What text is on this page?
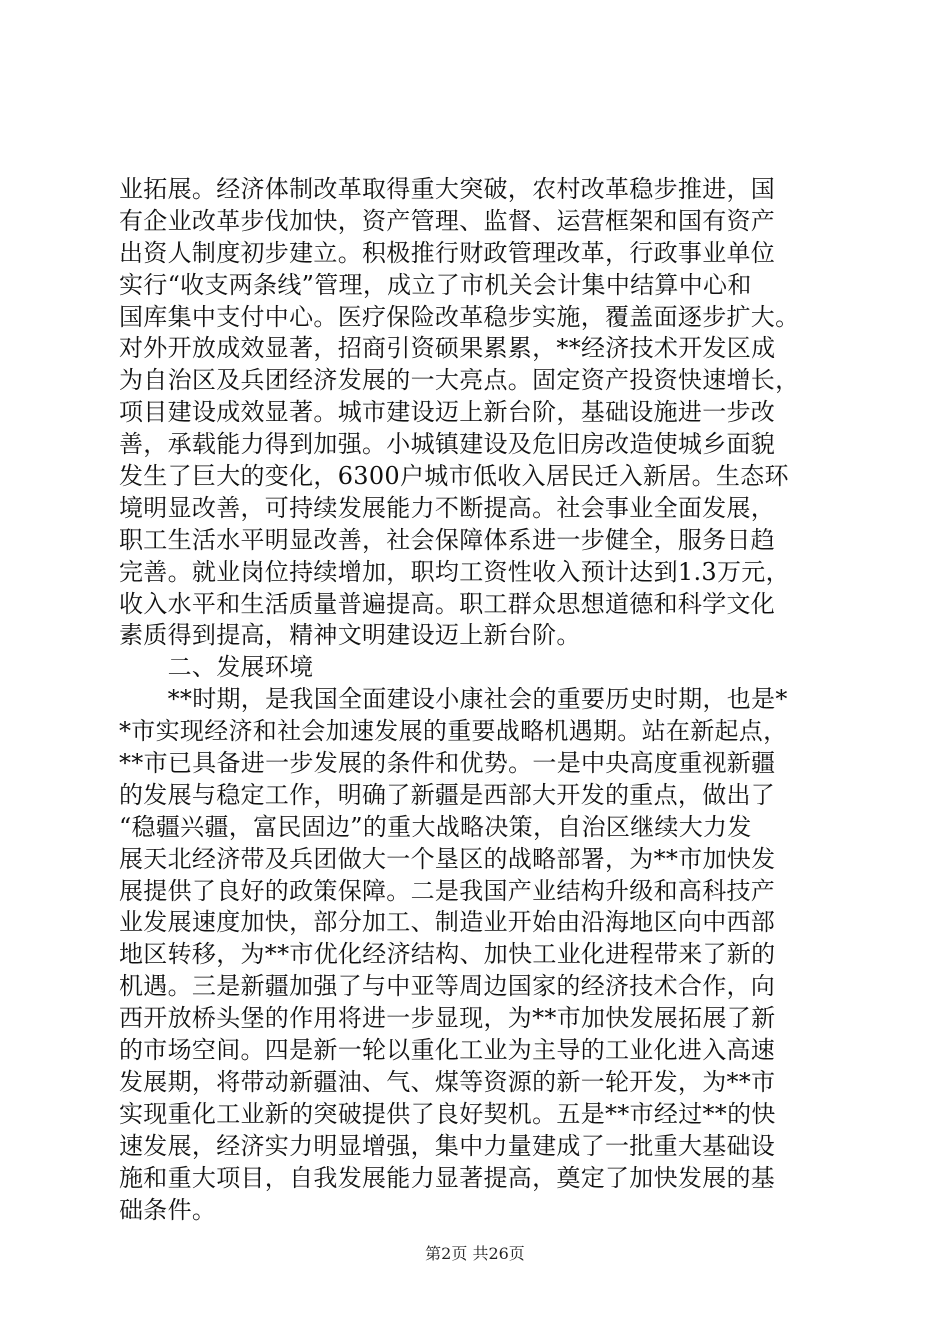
业拓展。经济体制改革取得重大突破，农村改革稳步推进，国
有企业改革步伐加快，资产管理、监督、运营框架和国有资产
出资人制度初步建立。积极推行财政管理改革，行政事业单位
实行“收支两条线”管理，成立了市机关会计集中结算中心和
国库集中支付中心。医疗保险改革稳步实施，覆盖面逐步扩大。
对外开放成效显著，招商引资硕果累累，**经济技术开发区成
为自治区及兵团经济发展的一大亮点。固定资产投资快速增长，
项目建设成效显著。城市建设迈上新台阶，基础设施进一步改
善，承载能力得到加强。小城镇建设及危旧房改造使城乡面貌
发生了巨大的变化，6300户城市低收入居民迁入新居。生态环
境明显改善，可持续发展能力不断提高。社会事业全面发展，
职工生活水平明显改善，社会保障体系进一步健全，服务日趋
完善。就业岗位持续增加，职均工资性收入预计达到1.3万元，
收入水平和生活质量普遍提高。职工群众思想道德和科学文化
素质得到提高，精神文明建设迈上新台阶。
　　二、发展环境
　　**时期，是我国全面建设小康社会的重要历史时期，也是*
*市实现经济和社会加速发展的重要战略机遇期。站在新起点，
**市已具备进一步发展的条件和优势。一是中央高度重视新疆
的发展与稳定工作，明确了新疆是西部大开发的重点，做出了
“稳疆兴疆，富民固边”的重大战略决策，自治区继续大力发
展天北经济带及兵团做大一个垦区的战略部署，为**市加快发
展提供了良好的政策保障。二是我国产业结构升级和高科技产
业发展速度加快，部分加工、制造业开始由沿海地区向中西部
地区转移，为**市优化经济结构、加快工业化进程带来了新的
机遇。三是新疆加强了与中亚等周边国家的经济技术合作，向
西开放桥头堡的作用将进一步显现，为**市加快发展拓展了新
的市场空间。四是新一轮以重化工业为主导的工业化进入高速
发展期，将带动新疆油、气、煤等资源的新一轮开发，为**市
实现重化工业新的突破提供了良好契机。五是**市经过**的快
速发展，经济实力明显增强，集中力量建成了一批重大基础设
施和重大项目，自我发展能力显著提高，奠定了加快发展的基
础条件。
第2页 共26页
